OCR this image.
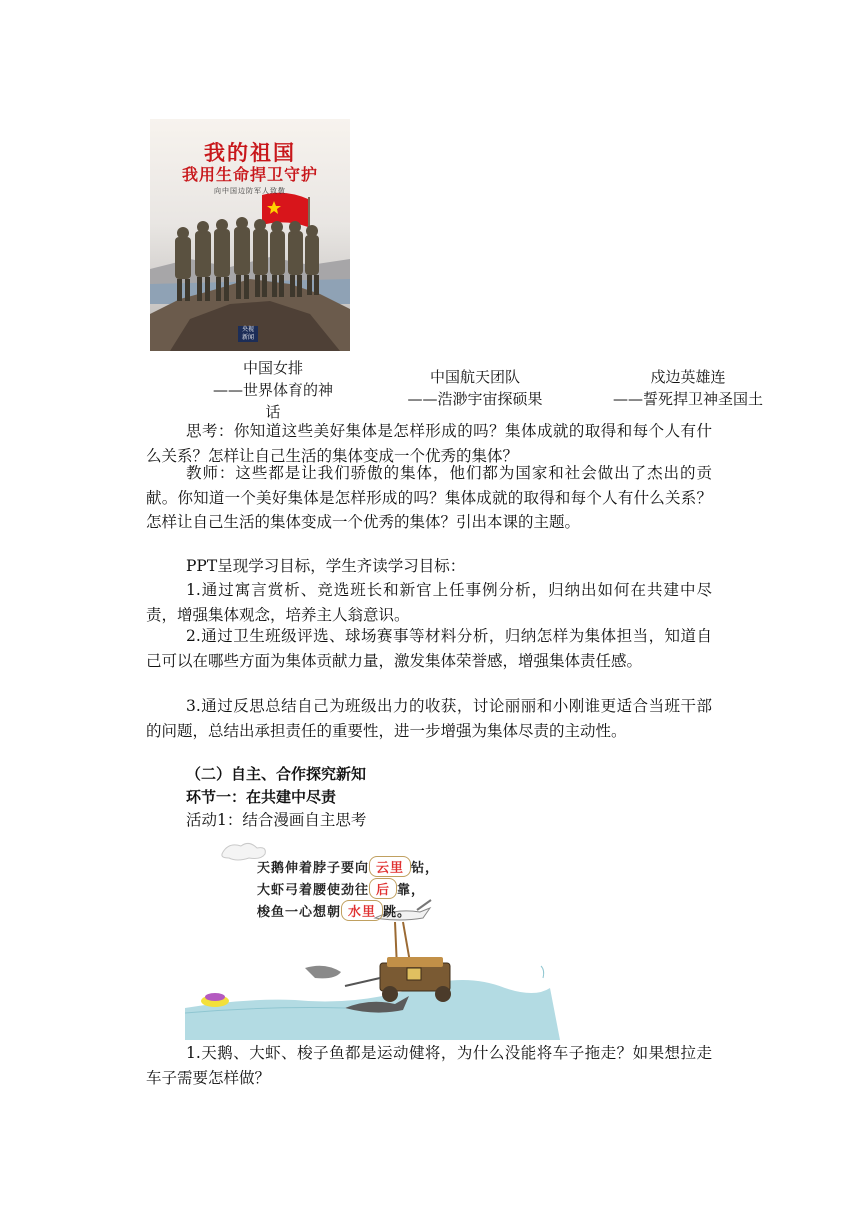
我的祖国
我用生命捍卫守护
向中国边防军人致敬
央视
新闻
中国女排
——世界体育的神
话
中国航天团队
——浩渺宇宙探硕果
戍边英雄连
——誓死捍卫神圣国土
思考：你知道这些美好集体是怎样形成的吗？集体成就的取得和每个人有什么关系？怎样让自己生活的集体变成一个优秀的集体？
教师：这些都是让我们骄傲的集体，他们都为国家和社会做出了杰出的贡献。你知道一个美好集体是怎样形成的吗？集体成就的取得和每个人有什么关系？怎样让自己生活的集体变成一个优秀的集体？引出本课的主题。
PPT呈现学习目标，学生齐读学习目标：
1.通过寓言赏析、竞选班长和新官上任事例分析，归纳出如何在共建中尽责，增强集体观念，培养主人翁意识。
2.通过卫生班级评选、球场赛事等材料分析，归纳怎样为集体担当，知道自己可以在哪些方面为集体贡献力量，激发集体荣誉感，增强集体责任感。
3.通过反思总结自己为班级出力的收获，讨论丽丽和小刚谁更适合当班干部的问题，总结出承担责任的重要性，进一步增强为集体尽责的主动性。
（二）自主、合作探究新知
环节一：在共建中尽责
活动1：结合漫画自主思考
天鹅伸着脖子要向 云里 钻，
大虾弓着腰使劲往 后 靠，
梭鱼一心想朝 水里 跳。
1.天鹅、大虾、梭子鱼都是运动健将，为什么没能将车子拖走？如果想拉走车子需要怎样做？
